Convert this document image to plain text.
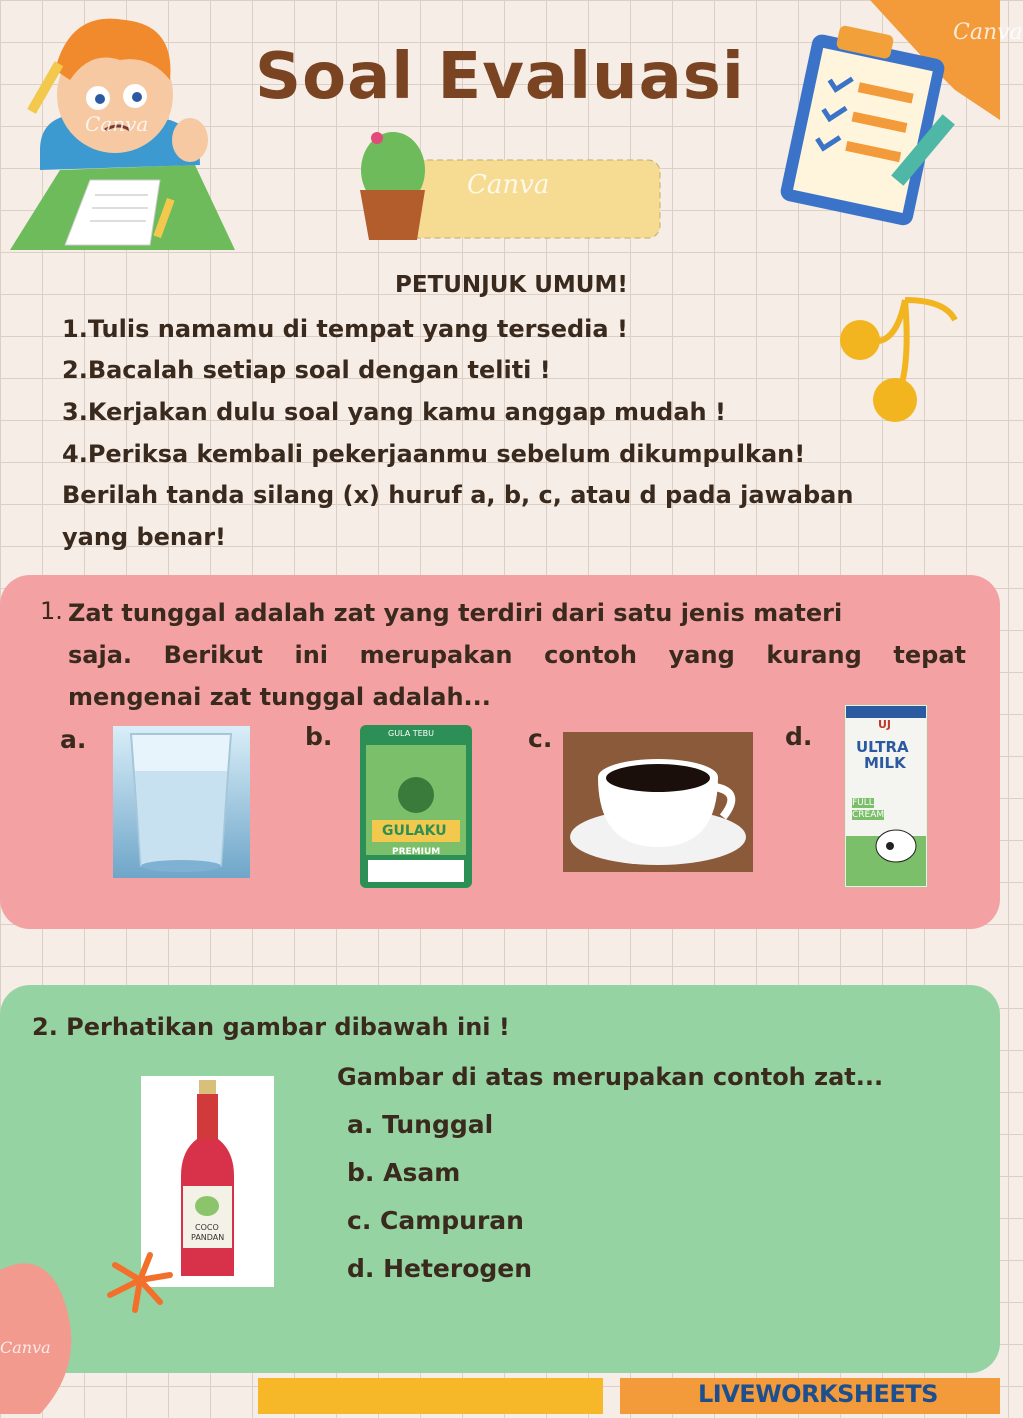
Canva
Soal Evaluasi
Canva
Canva
PETUNJUK UMUM!
1.Tulis namamu di tempat yang tersedia !
2.Bacalah setiap soal dengan teliti !
3.Kerjakan dulu soal yang kamu anggap mudah !
4.Periksa kembali pekerjaanmu sebelum dikumpulkan!
Berilah tanda silang (x) huruf a, b, c, atau d pada jawaban
yang benar!
1. Zat tunggal adalah zat yang terdiri dari satu jenis materi
saja. Berikut ini merupakan contoh yang kurang tepat
mengenai zat tunggal adalah...
a.	b.	GULA TEBU
GULAKU
PREMIUM
c.	d.	UJ
ULTRA
MILK
FULL
CREAM
2. Perhatikan gambar dibawah ini !
COCO
PANDAN
Gambar di atas merupakan contoh zat...
a. Tunggal
b. Asam
c. Campuran
d. Heterogen
Canva
LIVEWORKSHEETS
